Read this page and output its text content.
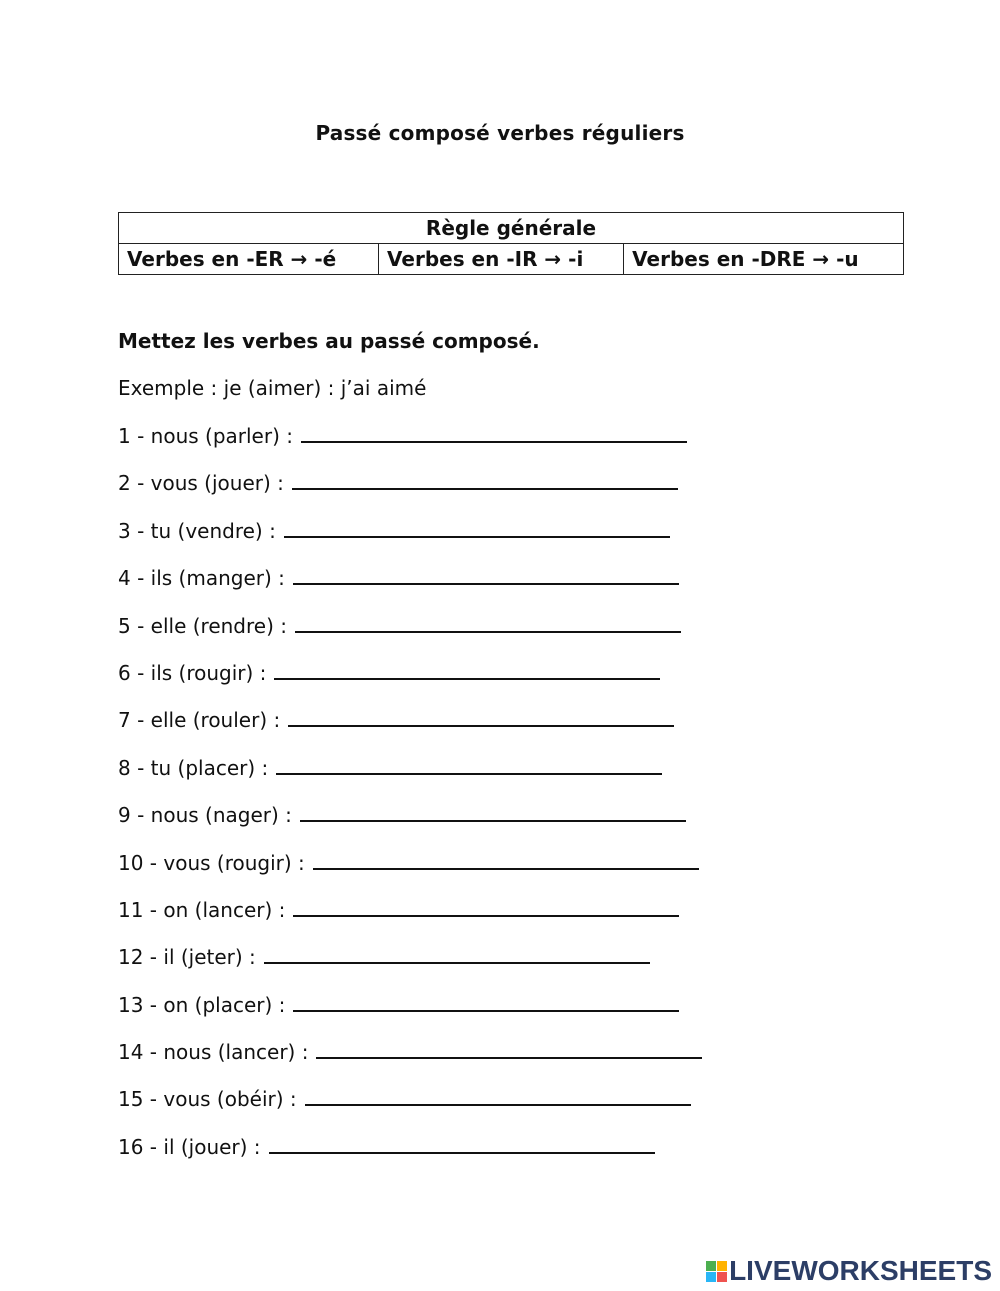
Passé composé verbes réguliers
Règle générale
Verbes en -ER → -é	Verbes en -IR → -i	Verbes en -DRE → -u
Mettez les verbes au passé composé.
Exemple : je (aimer) : j’ai aimé
1 - nous (parler) :
2 - vous (jouer) :
3 - tu (vendre) :
4 - ils (manger) :
5 - elle (rendre) :
6 - ils (rougir) :
7 - elle (rouler) :
8 - tu (placer) :
9 - nous (nager) :
10 - vous (rougir) :
11 - on (lancer) :
12 - il (jeter) :
13 - on (placer) :
14 - nous (lancer) :
15 - vous (obéir) :
16 - il (jouer) :
LIVEWORKSHEETS
